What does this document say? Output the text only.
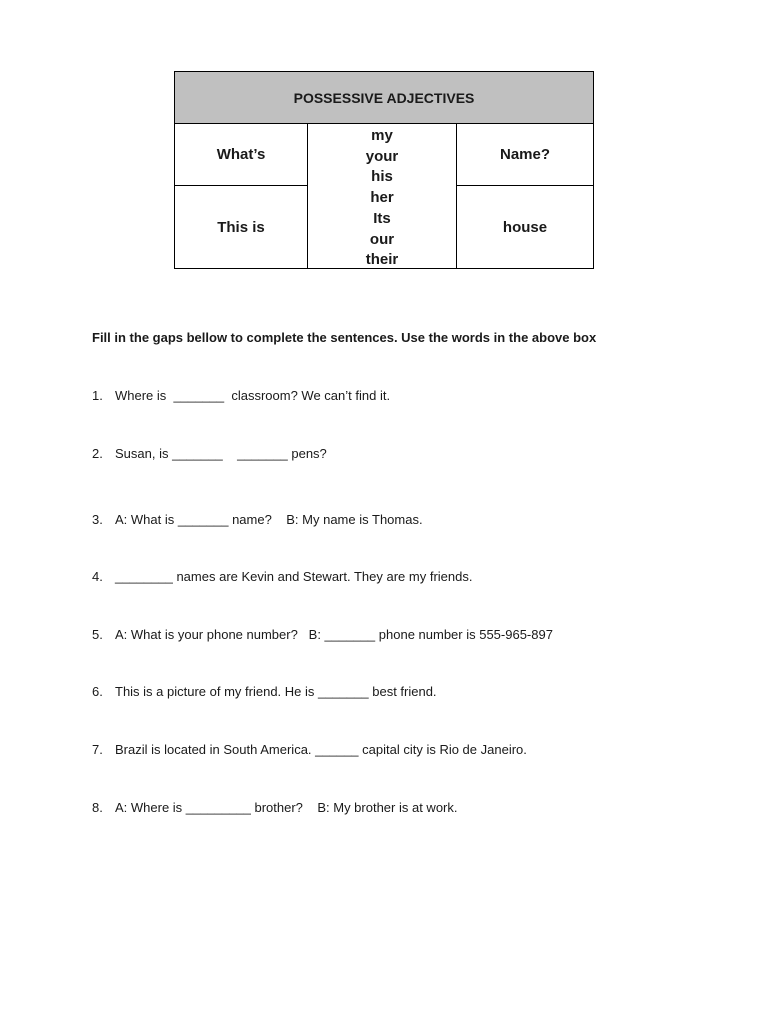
POSSESSIVE ADJECTIVES
What’s
This is
my
your
his
her
Its
our
their
Name?
house
Fill in the gaps bellow to complete the sentences. Use the words in the above box
1. Where is  _______  classroom? We can’t find it.
2. Susan, is _______    _______ pens?
3. A: What is _______ name?    B: My name is Thomas.
4. ________ names are Kevin and Stewart. They are my friends.
5. A: What is your phone number?   B: _______ phone number is 555-965-897
6. This is a picture of my friend. He is _______ best friend.
7. Brazil is located in South America. ______ capital city is Rio de Janeiro.
8. A: Where is _________ brother?    B: My brother is at work.
